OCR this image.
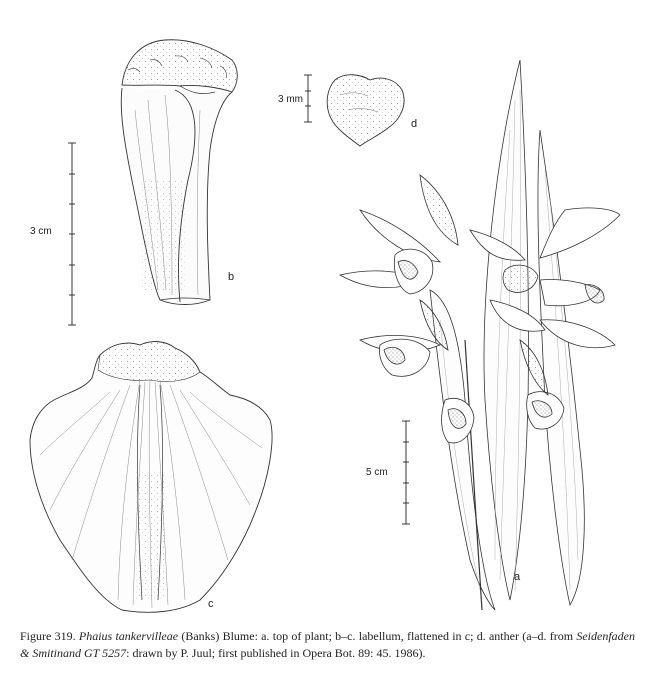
b
3 cm
c
d
3 mm
a
5 cm
Figure 319. Phaius tankervilleae (Banks) Blume: a. top of plant; b–c. labellum, flattened in c; d. anther (a–d. from Seidenfaden & Smitinand GT 5257: drawn by P. Juul; first published in Opera Bot. 89: 45. 1986).
